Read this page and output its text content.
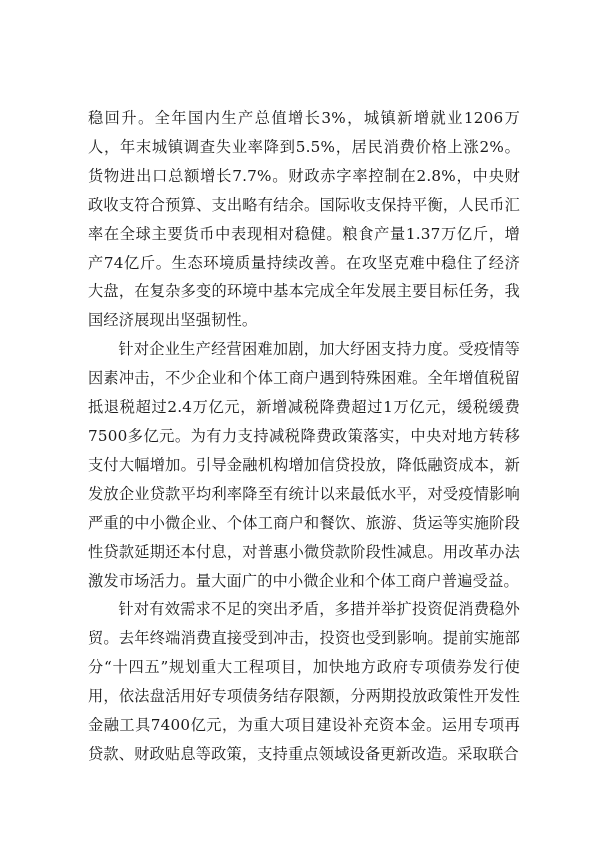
稳回升。全年国内生产总值增长3%，城镇新增就业1206万人，年末城镇调查失业率降到5.5%，居民消费价格上涨2%。货物进出口总额增长7.7%。财政赤字率控制在2.8%，中央财政收支符合预算、支出略有结余。国际收支保持平衡，人民币汇率在全球主要货币中表现相对稳健。粮食产量1.37万亿斤，增产74亿斤。生态环境质量持续改善。在攻坚克难中稳住了经济大盘，在复杂多变的环境中基本完成全年发展主要目标任务，我国经济展现出坚强韧性。

针对企业生产经营困难加剧，加大纾困支持力度。受疫情等因素冲击，不少企业和个体工商户遇到特殊困难。全年增值税留抵退税超过2.4万亿元，新增减税降费超过1万亿元，缓税缓费7500多亿元。为有力支持减税降费政策落实，中央对地方转移支付大幅增加。引导金融机构增加信贷投放，降低融资成本，新发放企业贷款平均利率降至有统计以来最低水平，对受疫情影响严重的中小微企业、个体工商户和餐饮、旅游、货运等实施阶段性贷款延期还本付息，对普惠小微贷款阶段性减息。用改革办法激发市场活力。量大面广的中小微企业和个体工商户普遍受益。

针对有效需求不足的突出矛盾，多措并举扩投资促消费稳外贸。去年终端消费直接受到冲击，投资也受到影响。提前实施部分“十四五”规划重大工程项目，加快地方政府专项债券发行使用，依法盘活用好专项债务结存限额，分两期投放政策性开发性金融工具7400亿元，为重大项目建设补充资本金。运用专项再贷款、财政贴息等政策，支持重点领域设备更新改造。采取联合
